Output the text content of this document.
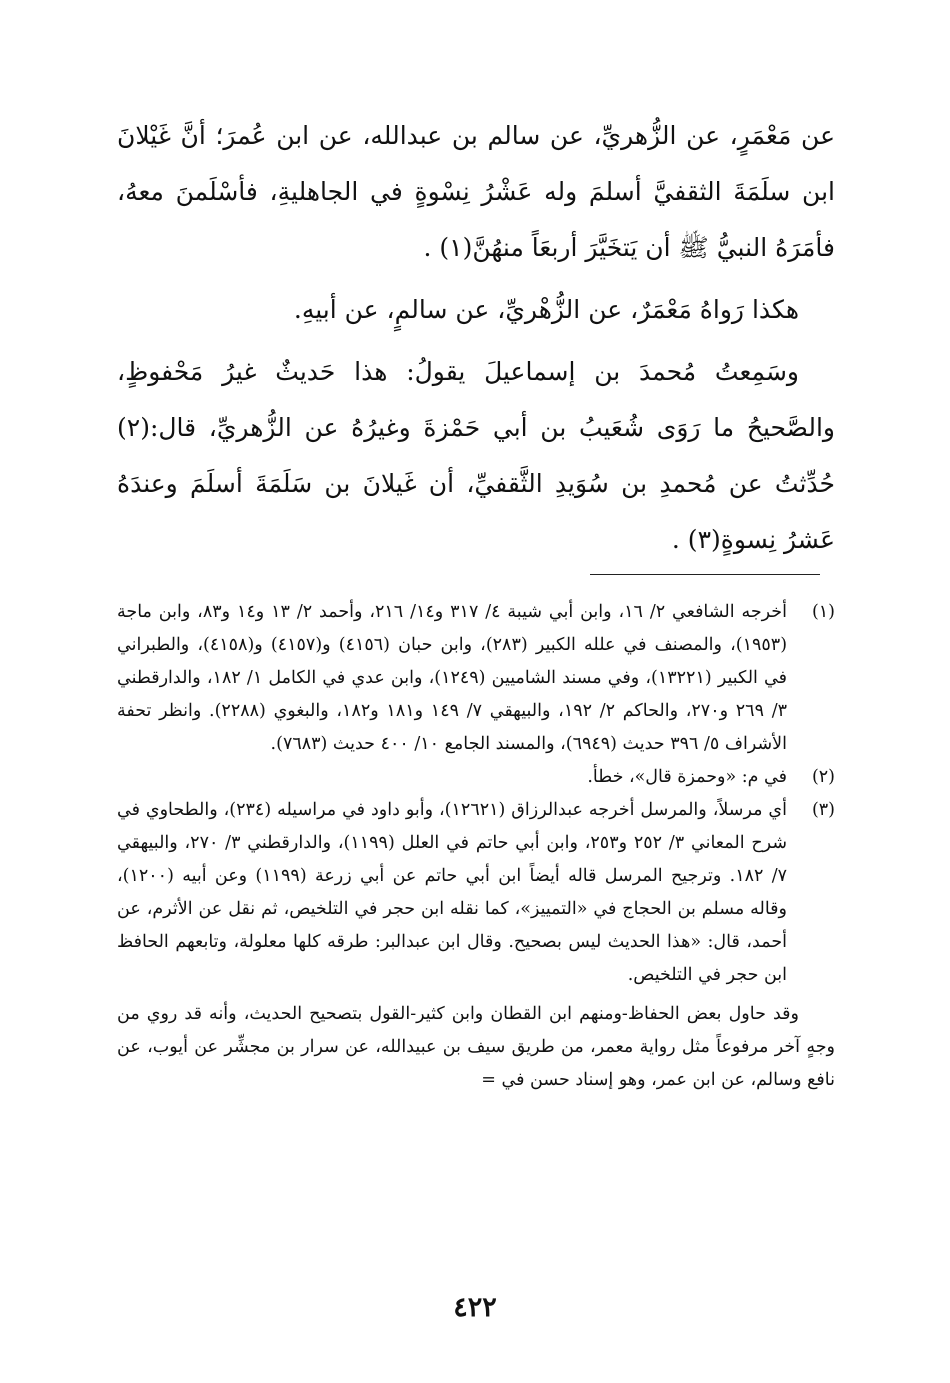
عن مَعْمَرٍ، عن الزُّهريِّ، عن سالم بن عبدالله، عن ابن عُمرَ؛ أنَّ غَيْلانَ ابن سلَمَةَ الثقفيَّ أسلمَ وله عَشْرُ نِسْوةٍ في الجاهليةِ، فأسْلَمنَ معهُ، فأمَرَهُ النبيُّ ﷺ أن يَتخَيَّرَ أربعَاً منهُنَّ(١) .

هكذا رَواهُ مَعْمَرٌ، عن الزُّهْريِّ، عن سالمٍ، عن أبيهِ.

وسَمِعتُ مُحمدَ بن إسماعيلَ يقولُ: هذا حَديثٌ غيرُ مَحْفوظٍ، والصَّحيحُ ما رَوَى شُعَيبُ بن أبي حَمْزةَ وغيرُهُ عن الزُّهريِّ، قال:(٢) حُدِّثتُ عن مُحمدِ بن سُوَيدِ الثَّقفيِّ، أن غَيلانَ بن سَلَمَةَ أسلَمَ وعندَهُ عَشرُ نِسوةٍ(٣) .

(١)
أخرجه الشافعي ٢/ ١٦، وابن أبي شيبة ٤/ ٣١٧ و١٤/ ٢١٦، وأحمد ٢/ ١٣ و١٤ و٨٣، وابن ماجة (١٩٥٣)، والمصنف في علله الكبير (٢٨٣)، وابن حبان (٤١٥٦) و(٤١٥٧) و(٤١٥٨)، والطبراني في الكبير (١٣٢٢١)، وفي مسند الشاميين (١٢٤٩)، وابن عدي في الكامل ١/ ١٨٢، والدارقطني ٣/ ٢٦٩ و٢٧٠، والحاكم ٢/ ١٩٢، والبيهقي ٧/ ١٤٩ و١٨١ و١٨٢، والبغوي (٢٢٨٨). وانظر تحفة الأشراف ٥/ ٣٩٦ حديث (٦٩٤٩)، والمسند الجامع ١٠/ ٤٠٠ حديث (٧٦٨٣).
(٢)
في م: «وحمزة قال»، خطأ.
(٣)
أي مرسلاً، والمرسل أخرجه عبدالرزاق (١٢٦٢١)، وأبو داود في مراسيله (٢٣٤)، والطحاوي في شرح المعاني ٣/ ٢٥٢ و٢٥٣، وابن أبي حاتم في العلل (١١٩٩)، والدارقطني ٣/ ٢٧٠، والبيهقي ٧/ ١٨٢. وترجيح المرسل قاله أيضاً ابن أبي حاتم عن أبي زرعة (١١٩٩) وعن أبيه (١٢٠٠)، وقاله مسلم بن الحجاج في «التمييز»، كما نقله ابن حجر في التلخيص، ثم نقل عن الأثرم، عن أحمد، قال: «هذا الحديث ليس بصحيح. وقال ابن عبدالبر: طرقه كلها معلولة، وتابعهم الحافظ ابن حجر في التلخيص.
وقد حاول بعض الحفاظ-ومنهم ابن القطان وابن كثير-القول بتصحيح الحديث، وأنه قد روي من وجهٍ آخر مرفوعاً مثل رواية معمر، من طريق سيف بن عبيدالله، عن سرار بن مجشِّر عن أيوب، عن نافع وسالم، عن ابن عمر، وهو إسناد حسن في =
٤٢٢
